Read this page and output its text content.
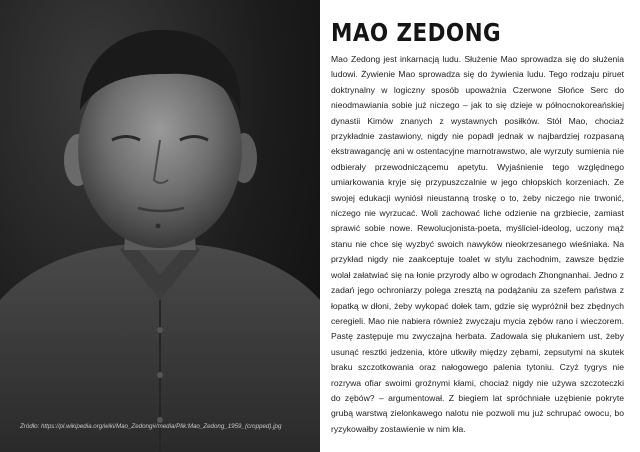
Źródło: https://pl.wikipedia.org/wiki/Mao_Zedong#/media/Plik:Mao_Zedong_1959_(cropped).jpg
MAO ZEDONG

Mao Zedong jest inkarnacją ludu. Służenie Mao sprowadza się do służenia ludowi. Żywienie Mao sprowadza się do żywienia ludu. Tego rodzaju piruet doktrynalny w logiczny sposób upoważnia Czerwone Słońce Serc do nieodmawiania sobie już niczego – jak to się dzieje w północnokoreańskiej dynastii Kimów znanych z wystawnych posiłków. Stół Mao, chociaż przykładnie zastawiony, nigdy nie popadł jednak w najbardziej rozpasaną ekstrawagancję ani w ostentacyjne marnotrawstwo, ale wyrzuty sumienia nie odbierały przewodniczącemu apetytu. Wyjaśnienie tego względnego umiarkowania kryje się przypuszczalnie w jego chłopskich korzeniach. Ze swojej edukacji wyniósł nieustanną troskę o to, żeby niczego nie trwonić, niczego nie wyrzucać. Woli zachować liche odzienie na grzbiecie, zamiast sprawić sobie nowe. Rewolucjonista-poeta, myśliciel-ideolog, uczony mąż stanu nie chce się wyzbyć swoich nawyków nieokrzesanego wieśniaka. Na przykład nigdy nie zaakceptuje toalet w stylu zachodnim, zawsze będzie wolał załatwiać się na łonie przyrody albo w ogrodach Zhongnanhai. Jedno z zadań jego ochroniarzy polega zresztą na podążaniu za szefem państwa z łopatką w dłoni, żeby wykopać dołek tam, gdzie się wypróżnił bez zbędnych ceregieli. Mao nie nabiera również zwyczaju mycia zębów rano i wieczorem. Pastę zastępuje mu zwyczajna herbata. Zadowala się płukaniem ust, żeby usunąć resztki jedzenia, które utkwiły między zębami, zepsutymi na skutek braku szczotkowania oraz nałogowego palenia tytoniu. Czyż tygrys nie rozrywa ofiar swoimi groźnymi kłami, chociaż nigdy nie używa szczoteczki do zębów? – argumentował. Z biegiem lat spróchniałe uzębienie pokryte grubą warstwą zielonkawego nalotu nie pozwoli mu już schrupać owocu, bo ryzykowałby zostawienie w nim kła.
